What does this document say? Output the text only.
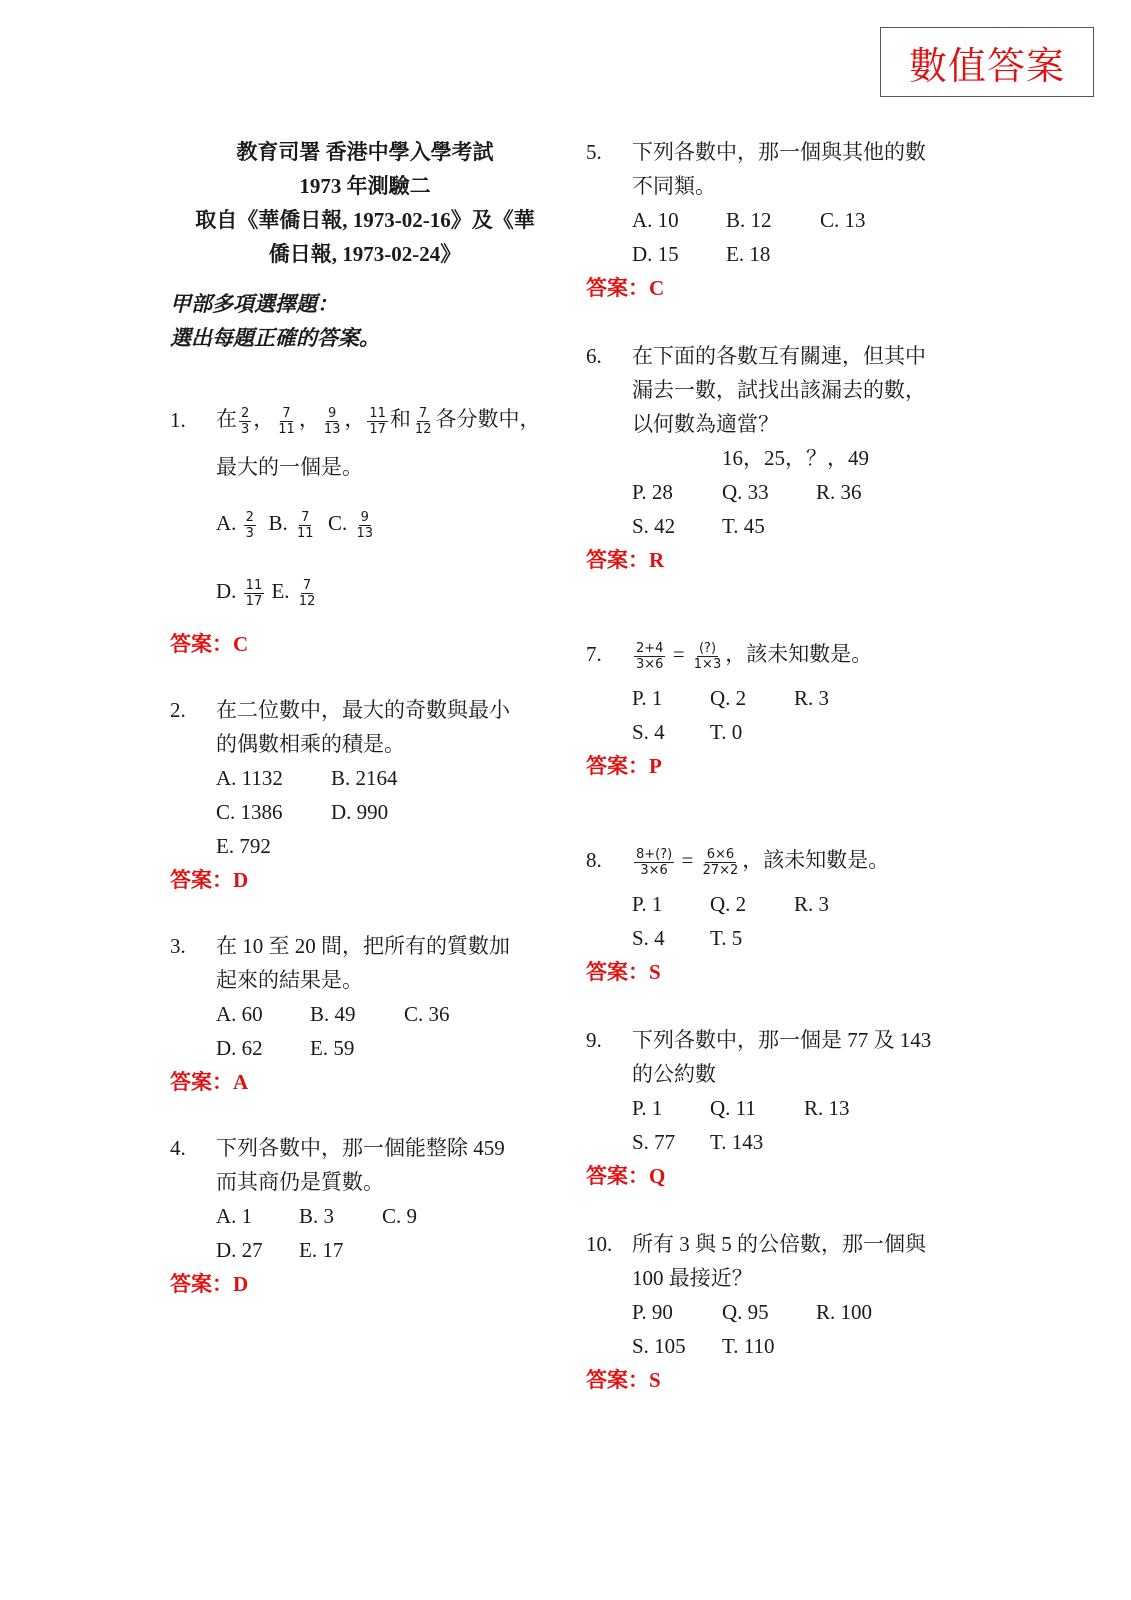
數值答案
教育司署 香港中學入學考試
1973 年測驗二
取自《華僑日報, 1973-02-16》及《華
僑日報, 1973-02-24》
甲部多項選擇題：
選出每題正確的答案。
1. 在 $\frac{2}{3}$ ， $\frac{7}{11}$ ， $\frac{9}{13}$ ， $\frac{11}{17}$ 和 $\frac{7}{12}$ 各分數中，
最大的一個是。
A. $\frac{2}{3} B$. $\frac{7}{11} C$. $\frac{9}{13}$
D. $\frac{11}{17} E$. $\frac{7}{12}$
答案：C
2. 在二位數中，最大的奇數與最小
的偶數相乘的積是。
A. 1132	B. 2164
C. 1386	D. 990
E. 792
答案：D
3. 在 10 至 20 間，把所有的質數加
起來的結果是。
A. 60	B. 49	C. 36
D. 62	E. 59
答案：A
4. 下列各數中，那一個能整除 459
而其商仍是質數。
A. 1	B. 3	C. 9
D. 27	E. 17
答案：D
5. 下列各數中，那一個與其他的數
不同類。
A. 10	B. 12	C. 13
D. 15	E. 18
答案：C
6. 在下面的各數互有關連，但其中
漏去一數，試找出該漏去的數，
以何數為適當？
16，25，？，49
P. 28	Q. 33	R. 36
S. 42	T. 45
答案：R
7. $\frac{2+4}{3\times 6} = \frac{(?)}{1\times 3}$ ，該未知數是。
P. 1	Q. 2	R. 3
S. 4	T. 0
答案：P
8. $\frac{8+(?)}{3\times 6} = \frac{6\times 6}{27\times 2}$ ，該未知數是。
P. 1	Q. 2	R. 3
S. 4	T. 5
答案：S
9. 下列各數中，那一個是 77 及 143
的公約數
P. 1	Q. 11	R. 13
S. 77	T. 143
答案：Q
10. 所有 3 與 5 的公倍數，那一個與
100 最接近？
P. 90	Q. 95	R. 100
S. 105	T. 110
答案：S
